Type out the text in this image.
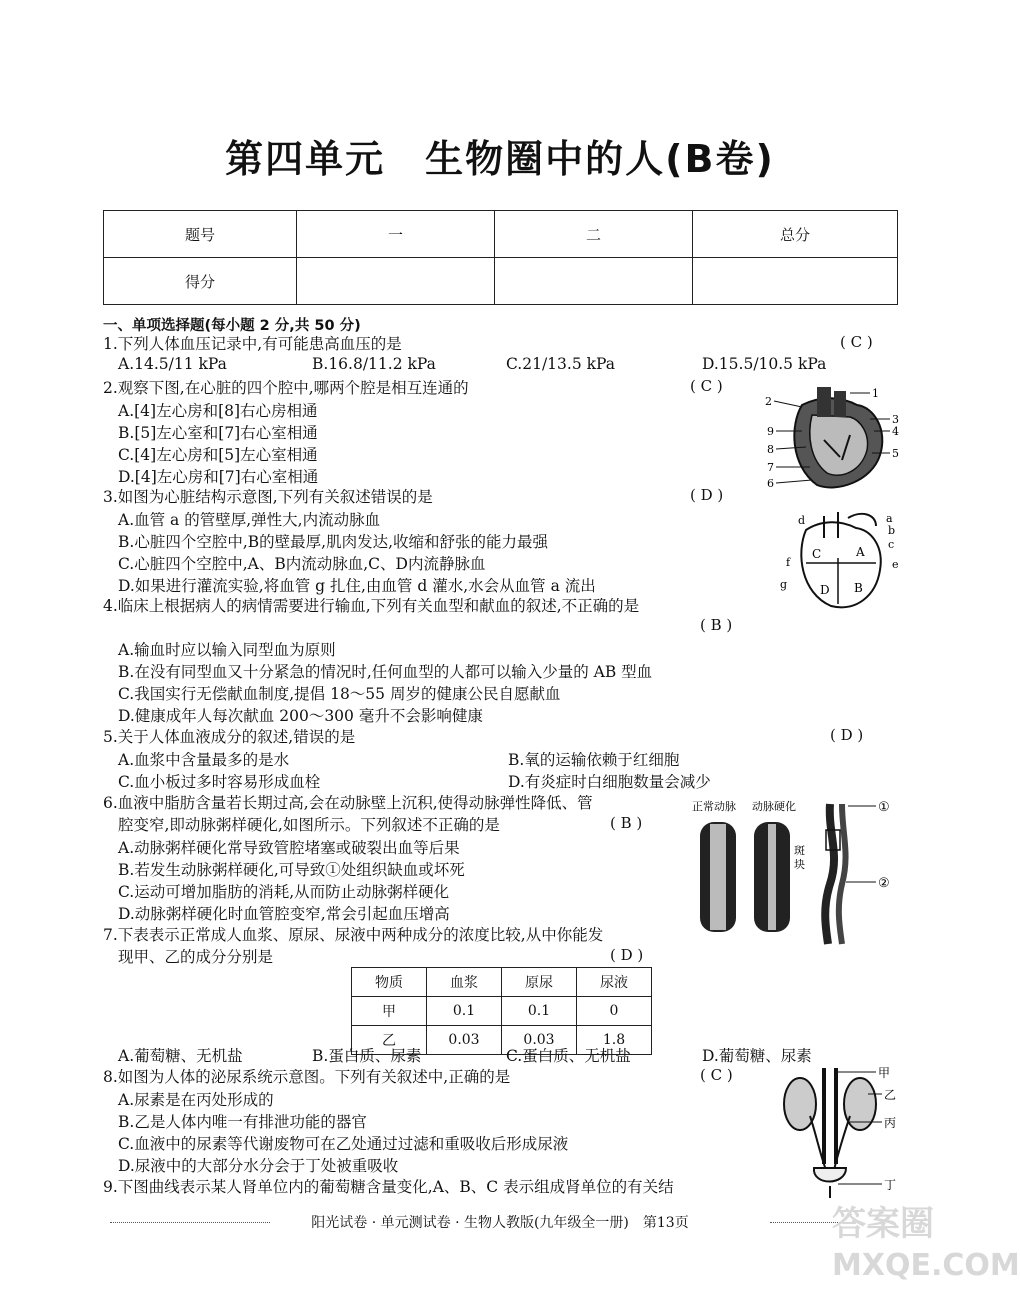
第四单元　生物圈中的人(B卷)
题号	一	二	总分
得分			
一、单项选择题(每小题 2 分,共 50 分)
1.下列人体血压记录中,有可能患高血压的是	( C )
A.14.5/11 kPa	B.16.8/11.2 kPa	C.21/13.5 kPa	D.15.5/10.5 kPa
2.观察下图,在心脏的四个腔中,哪两个腔是相互连通的	( C )
A.[4]左心房和[8]右心房相通
B.[5]左心室和[7]右心室相通
C.[4]左心房和[5]左心室相通
D.[4]左心房和[7]右心室相通
1
2
3
4
5
6
7
8
9
3.如图为心脏结构示意图,下列有关叙述错误的是	( D )
A.血管 a 的管壁厚,弹性大,内流动脉血
B.心脏四个空腔中,B的壁最厚,肌肉发达,收缩和舒张的能力最强
C.心脏四个空腔中,A、B内流动脉血,C、D内流静脉血
D.如果进行灌流实验,将血管 g 扎住,由血管 d 灌水,水会从血管 a 流出
C	A
D B
a
b
c
d
e
f
g
4.临床上根据病人的病情需要进行输血,下列有关血型和献血的叙述,不正确的是
( B )
A.输血时应以输入同型血为原则
B.在没有同型血又十分紧急的情况时,任何血型的人都可以输入少量的 AB 型血
C.我国实行无偿献血制度,提倡 18～55 周岁的健康公民自愿献血
D.健康成年人每次献血 200～300 毫升不会影响健康
5.关于人体血液成分的叙述,错误的是	( D )
A.血浆中含量最多的是水	B.氧的运输依赖于红细胞
C.血小板过多时容易形成血栓	D.有炎症时白细胞数量会减少
6.血液中脂肪含量若长期过高,会在动脉壁上沉积,使得动脉弹性降低、管
腔变窄,即动脉粥样硬化,如图所示。下列叙述不正确的是	( B )
A.动脉粥样硬化常导致管腔堵塞或破裂出血等后果
B.若发生动脉粥样硬化,可导致①处组织缺血或坏死
C.运动可增加脂肪的消耗,从而防止动脉粥样硬化
D.动脉粥样硬化时血管腔变窄,常会引起血压增高
正常动脉 动脉硬化
斑
块
①
②
7.下表表示正常成人血浆、原尿、尿液中两种成分的浓度比较,从中你能发
现甲、乙的成分分别是	( D )
物质	血浆	原尿	尿液
甲	0.1	0.1	0
乙	0.03	0.03	1.8
A.葡萄糖、无机盐	B.蛋白质、尿素	C.蛋白质、无机盐	D.葡萄糖、尿素
8.如图为人体的泌尿系统示意图。下列有关叙述中,正确的是	( C )
A.尿素是在丙处形成的
B.乙是人体内唯一有排泄功能的器官
C.血液中的尿素等代谢废物可在乙处通过过滤和重吸收后形成尿液
D.尿液中的大部分水分会于丁处被重吸收
甲
乙
丙
丁
9.下图曲线表示某人肾单位内的葡萄糖含量变化,A、B、C 表示组成肾单位的有关结
阳光试卷 · 单元测试卷 · 生物人教版(九年级全一册)　第13页	答案圈
MXQE.COM
